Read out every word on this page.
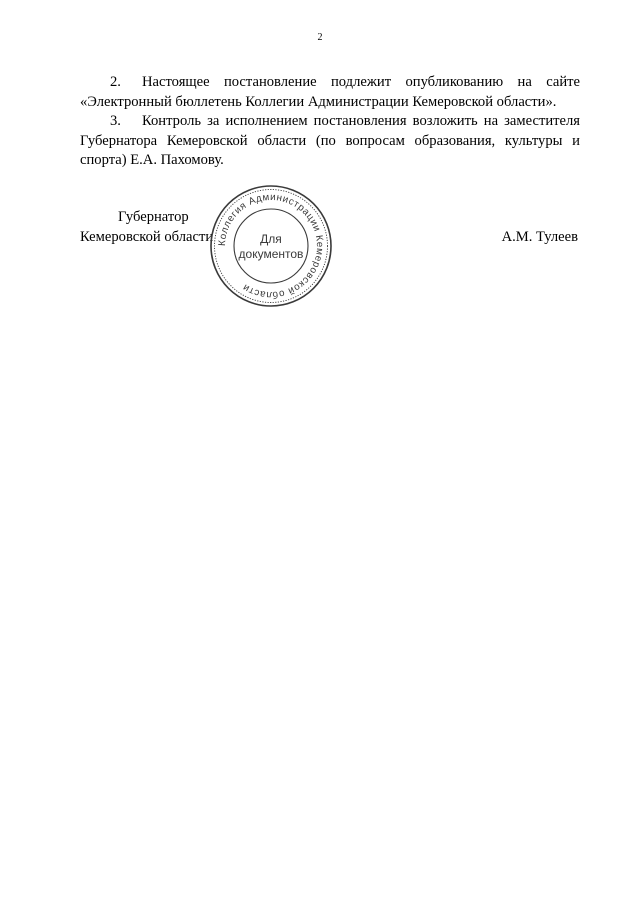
2

2. Настоящее постановление подлежит опубликованию на сайте «Электронный бюллетень Коллегии Администрации Кемеровской области».

3. Контроль за исполнением постановления возложить на заместителя Губернатора Кемеровской области (по вопросам образования, культуры и спорта) Е.А. Пахомову.

Губернатор
Кемеровской области	А.М. Тулеев
Коллегия Администрации Кемеровской области
Для
документов
